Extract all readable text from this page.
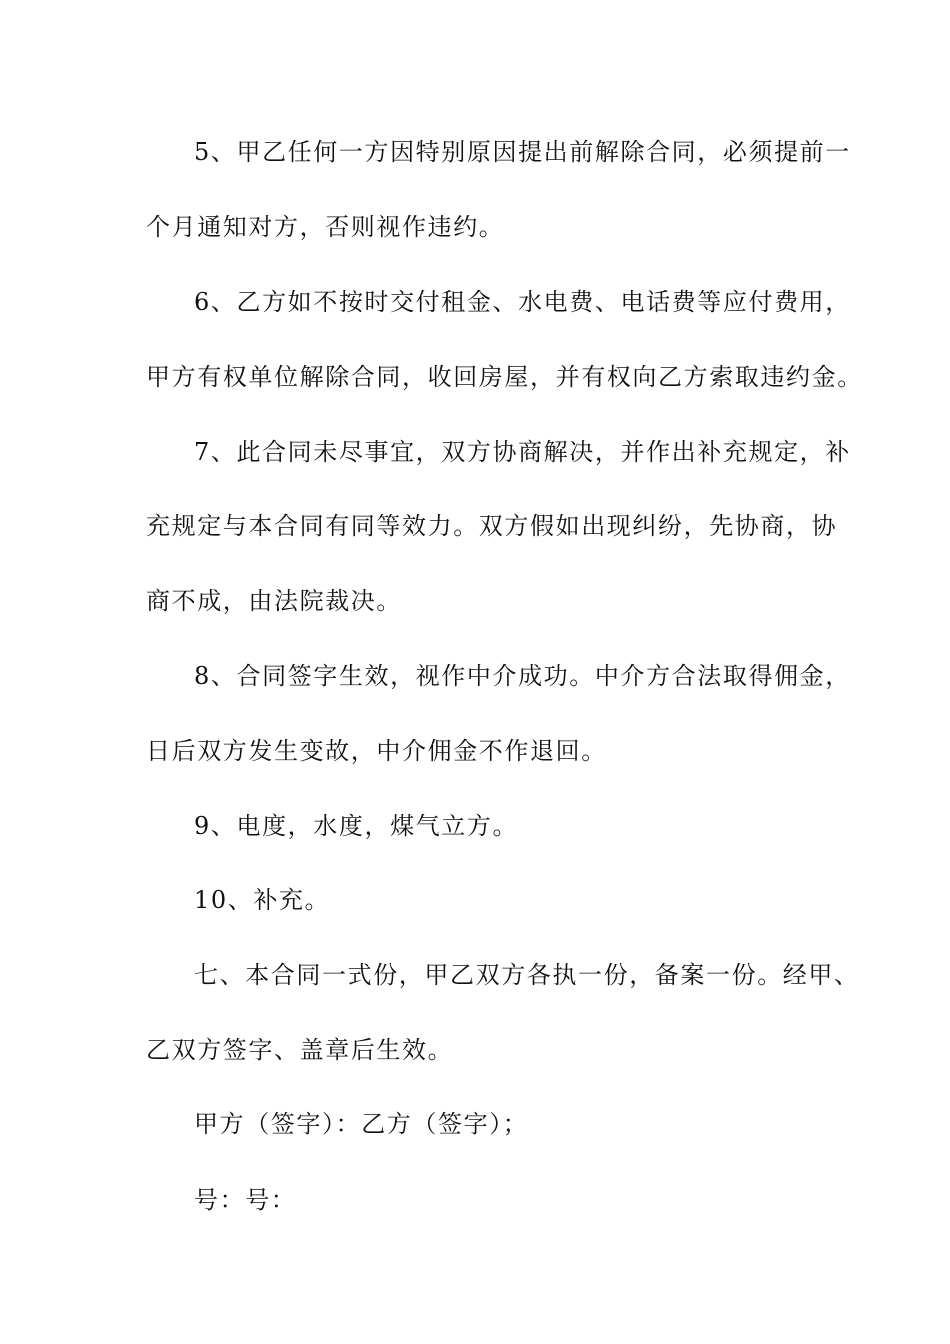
5、甲乙任何一方因特别原因提出前解除合同，必须提前一
个月通知对方，否则视作违约。
6、乙方如不按时交付租金、水电费、电话费等应付费用，
甲方有权单位解除合同，收回房屋，并有权向乙方索取违约金。
7、此合同未尽事宜，双方协商解决，并作出补充规定，补
充规定与本合同有同等效力。双方假如出现纠纷，先协商，协
商不成，由法院裁决。
8、合同签字生效，视作中介成功。中介方合法取得佣金，
日后双方发生变故，中介佣金不作退回。
9、电度，水度，煤气立方。
10、补充。
七、本合同一式份，甲乙双方各执一份，备案一份。经甲、
乙双方签字、盖章后生效。
甲方（签字）：乙方（签字）；
号：号：
